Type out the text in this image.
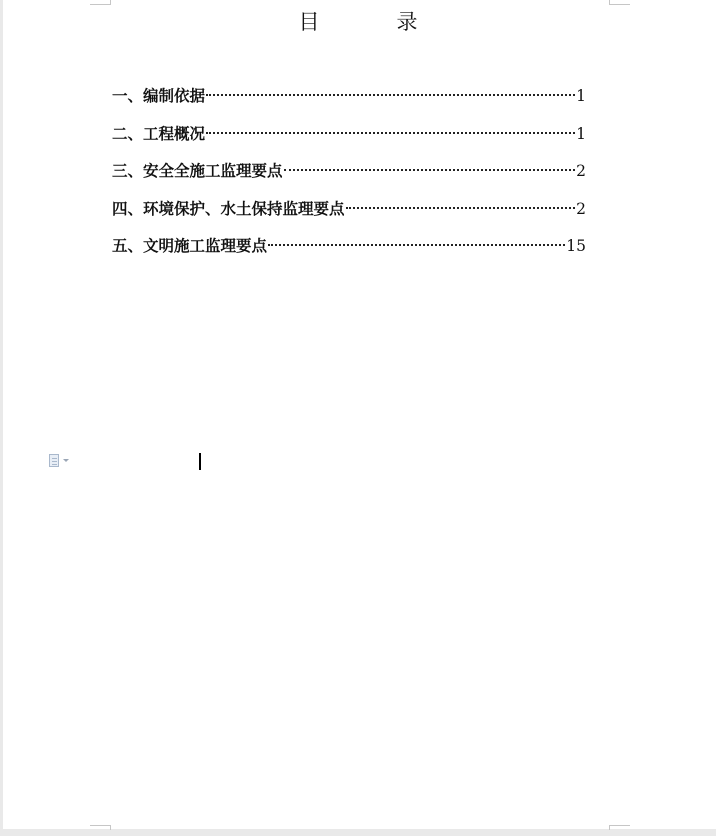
目　录
一、编制依据	1
二、工程概况	1
三、安全全施工监理要点	2
四、环境保护、水土保持监理要点	2
五、文明施工监理要点	15
